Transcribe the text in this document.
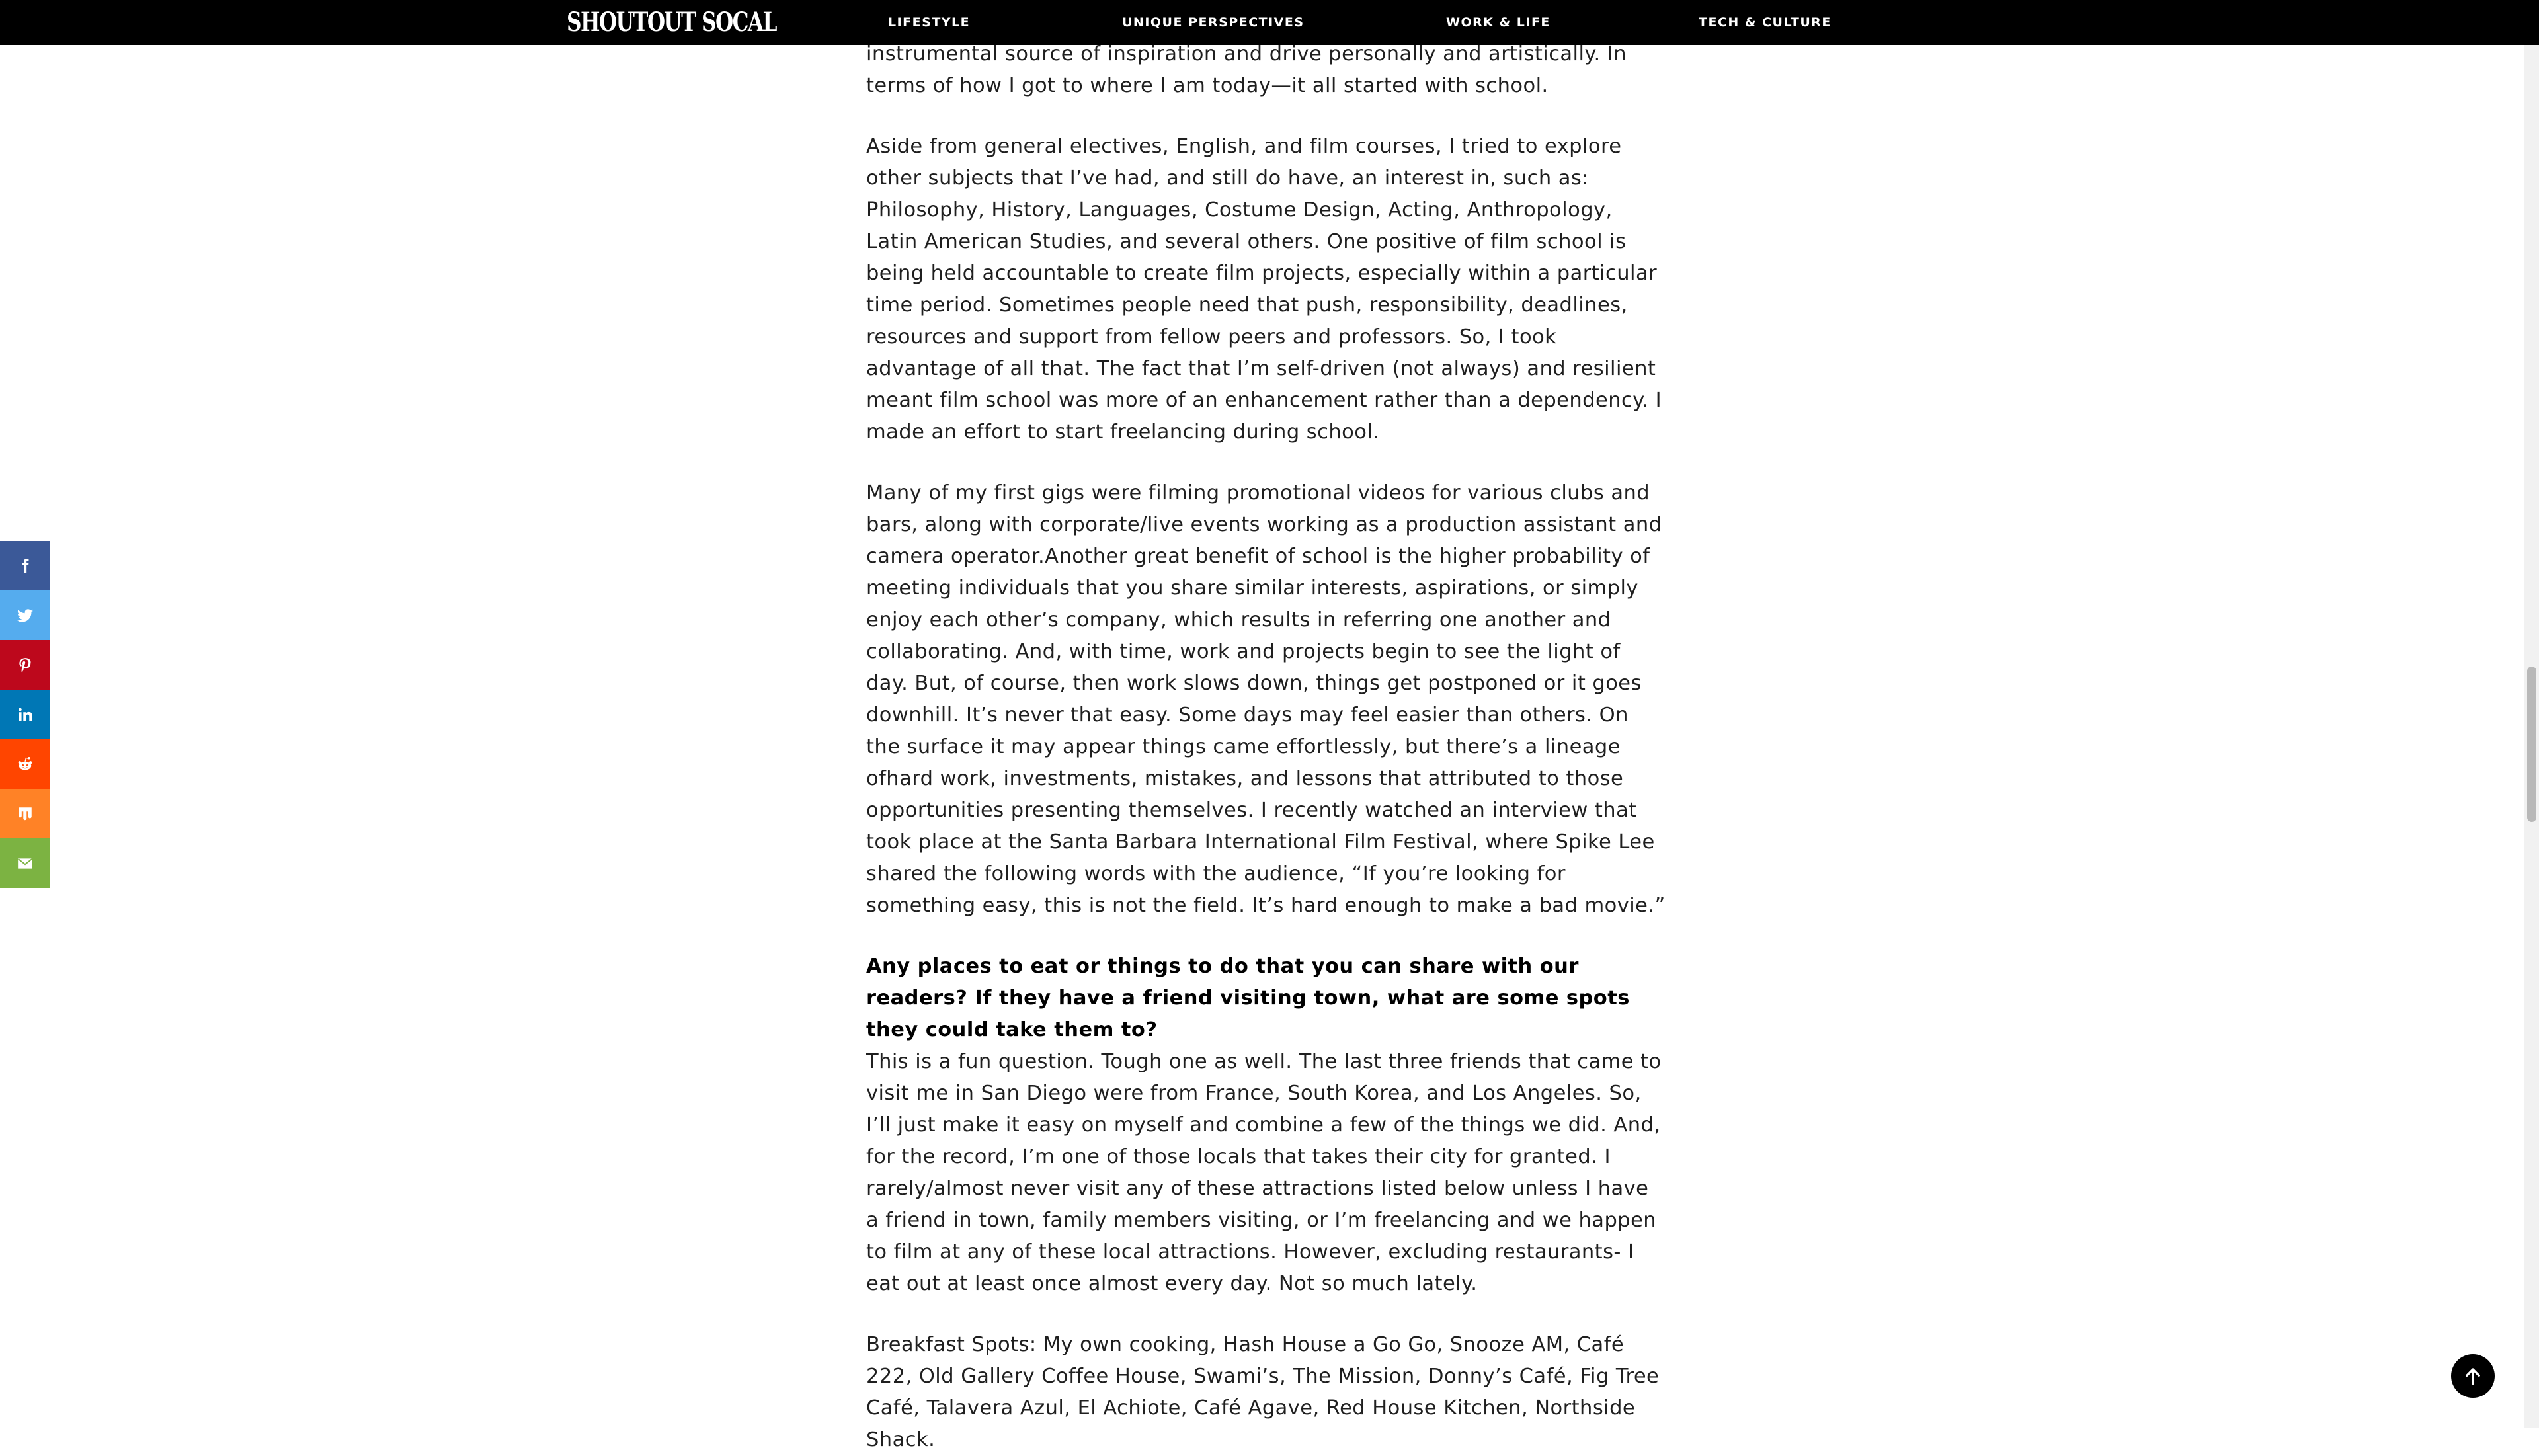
SHOUTOUT SOCAL	LIFESTYLE	UNIQUE PERSPECTIVES	WORK & LIFE	TECH & CULTURE

instrumental source of inspiration and drive personally and artistically. In terms of how I got to where I am today—it all started with school.

Aside from general electives, English, and film courses, I tried to explore other subjects that I’ve had, and still do have, an interest in, such as: Philosophy, History, Languages, Costume Design, Acting, Anthropology, Latin American Studies, and several others. One positive of film school is being held accountable to create film projects, especially within a particular time period. Sometimes people need that push, responsibility, deadlines, resources and support from fellow peers and professors. So, I took advantage of all that. The fact that I’m self-driven (not always) and resilient meant film school was more of an enhancement rather than a dependency. I made an effort to start freelancing during school.

Many of my first gigs were filming promotional videos for various clubs and bars, along with corporate/live events working as a production assistant and camera operator.Another great benefit of school is the higher probability of meeting individuals that you share similar interests, aspirations, or simply enjoy each other’s company, which results in referring one another and collaborating. And, with time, work and projects begin to see the light of day. But, of course, then work slows down, things get postponed or it goes downhill. It’s never that easy. Some days may feel easier than others. On the surface it may appear things came effortlessly, but there’s a lineage ofhard work, investments, mistakes, and lessons that attributed to those opportunities presenting themselves. I recently watched an interview that took place at the Santa Barbara International Film Festival, where Spike Lee shared the following words with the audience, “If you’re looking for something easy, this is not the field. It’s hard enough to make a bad movie.”

Any places to eat or things to do that you can share with our readers? If they have a friend visiting town, what are some spots they could take them to?

This is a fun question. Tough one as well. The last three friends that came to visit me in San Diego were from France, South Korea, and Los Angeles. So, I’ll just make it easy on myself and combine a few of the things we did. And, for the record, I’m one of those locals that takes their city for granted. I rarely/almost never visit any of these attractions listed below unless I have a friend in town, family members visiting, or I’m freelancing and we happen to film at any of these local attractions. However, excluding restaurants- I eat out at least once almost every day. Not so much lately.

Breakfast Spots: My own cooking, Hash House a Go Go, Snooze AM, Café 222, Old Gallery Coffee House, Swami’s, The Mission, Donny’s Café, Fig Tree Café, Talavera Azul, El Achiote, Café Agave, Red House Kitchen, Northside Shack.
